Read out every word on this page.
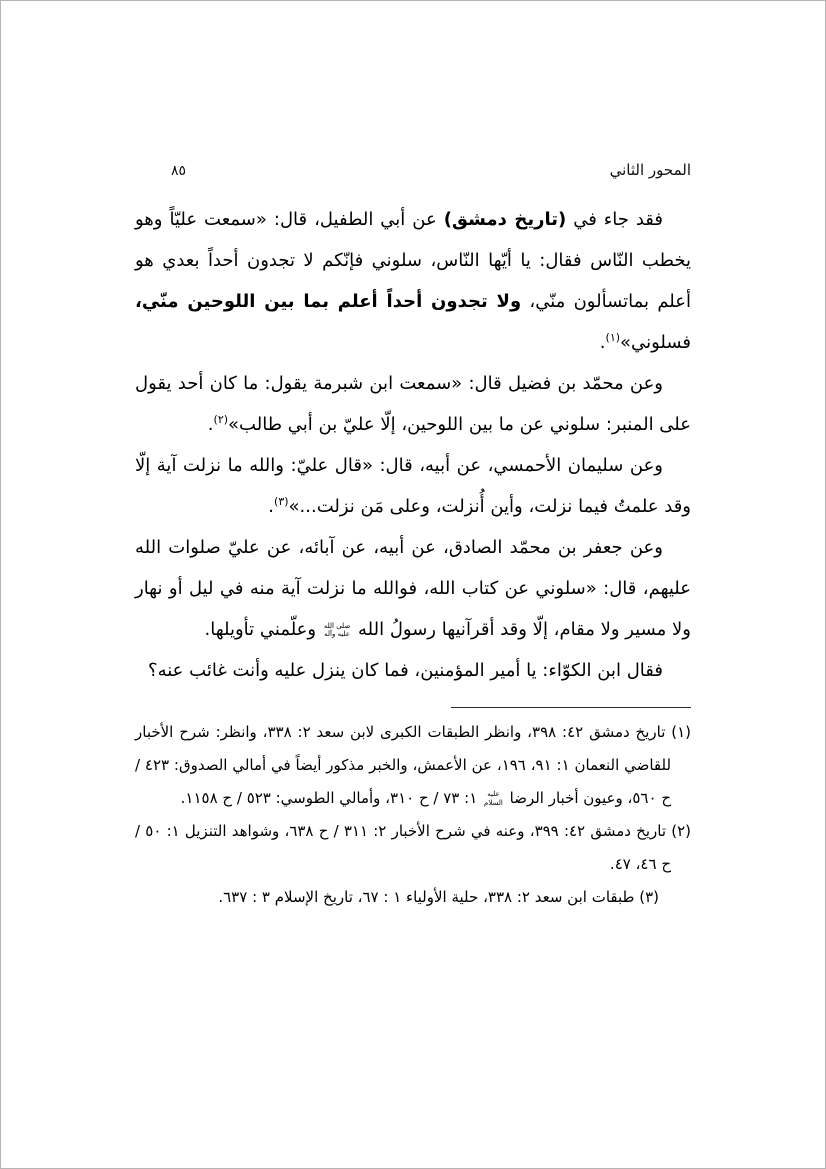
المحور الثاني
٨٥

فقد جاء في (تاريخ دمشق) عن أبي الطفيل، قال: «سمعت عليّاً وهو يخطب النّاس فقال: يا أيّها النّاس، سلوني فإنّكم لا تجدون أحداً بعدي هو أعلم بماتسألون منّي، ولا تجدون أحداً أعلم بما بين اللوحين منّي، فسلوني»$^{(١)}$.

وعن محمّد بن فضيل قال: «سمعت ابن شبرمة يقول: ما كان أحد يقول على المنبر: سلوني عن ما بين اللوحين، إلّا عليّ بن أبي طالب»$^{(٢)}$.

وعن سليمان الأحمسي، عن أبيه، قال: «قال عليّ: والله ما نزلت آية إلّا وقد علمتُ فيما نزلت، وأين أُنزلت، وعلى مَن نزلت...»$^{(٣)}$.

وعن جعفر بن محمّد الصادق، عن أبيه، عن آبائه، عن عليّ صلوات الله عليهم، قال: «سلوني عن كتاب الله، فوالله ما نزلت آية منه في ليل أو نهار ولا مسير ولا مقام، إلّا وقد أقرآنيها رسولُ الله
صلى الله
عليه وآله
وعلّمني تأويلها.

فقال ابن الكوّاء: يا أمير المؤمنين، فما كان ينزل عليه وأنت غائب عنه؟

(١) تاريخ دمشق ٤٢: ٣٩٨، وانظر الطبقات الكبرى لابن سعد ٢: ٣٣٨، وانظر: شرح الأخبار للقاضي النعمان ١: ٩١، ١٩٦، عن الأعمش، والخبر مذكور أيضاً في أمالي الصدوق: ٤٢٣ / ح ٥٦٠، وعيون أخبار الرضا
عليه
السلام
١: ٧٣ / ح ٣١٠، وأمالي الطوسي: ٥٢٣ / ح ١١٥٨.

(٢) تاريخ دمشق ٤٢: ٣٩٩، وعنه في شرح الأخبار ٢: ٣١١ / ح ٦٣٨، وشواهد التنزيل ١: ٥٠ / ح ٤٦، ٤٧.

(٣) طبقات ابن سعد ٢: ٣٣٨، حلية الأولياء ١ : ٦٧، تاريخ الإسلام ٣ : ٦٣٧.
